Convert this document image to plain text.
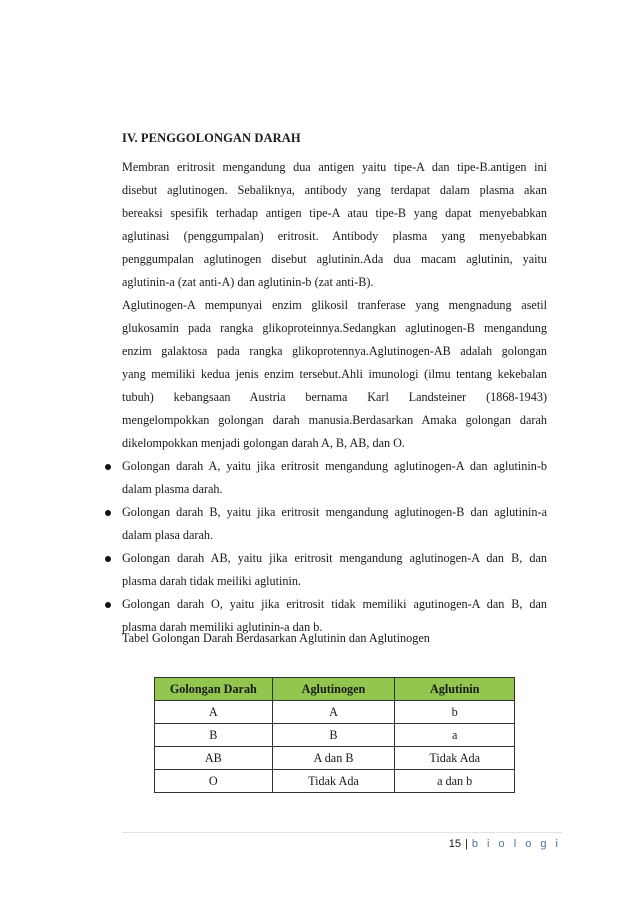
IV. PENGGOLONGAN DARAH
Membran eritrosit mengandung dua antigen yaitu tipe-A dan tipe-B.antigen ini
disebut aglutinogen. Sebaliknya, antibody yang terdapat dalam plasma akan
bereaksi spesifik terhadap antigen tipe-A atau tipe-B yang dapat menyebabkan
aglutinasi (penggumpalan) eritrosit. Antibody plasma yang menyebabkan
penggumpalan aglutinogen disebut aglutinin.Ada dua macam aglutinin, yaitu
aglutinin-a (zat anti-A) dan aglutinin-b (zat anti-B).
Aglutinogen-A mempunyai enzim glikosil tranferase yang mengnadung asetil
glukosamin pada rangka glikoproteinnya.Sedangkan aglutinogen-B mengandung
enzim galaktosa pada rangka glikoprotennya.Aglutinogen-AB adalah golongan
yang memiliki kedua jenis enzim tersebut.Ahli imunologi (ilmu tentang kekebalan
tubuh) kebangsaan Austria bernama Karl Landsteiner (1868-1943)
mengelompokkan golongan darah manusia.Berdasarkan Amaka golongan darah
dikelompokkan menjadi golongan darah A, B, AB, dan O.
Golongan darah A, yaitu jika eritrosit mengandung aglutinogen-A dan aglutinin-b
dalam plasma darah.
Golongan darah B, yaitu jika eritrosit mengandung aglutinogen-B dan aglutinin-a
dalam plasa darah.
Golongan darah AB, yaitu jika eritrosit mengandung aglutinogen-A dan B, dan
plasma darah tidak meiliki aglutinin.
Golongan darah O, yaitu jika eritrosit tidak memiliki agutinogen-A dan B, dan
plasma darah memiliki aglutinin-a dan b.
Tabel Golongan Darah Berdasarkan Aglutinin dan Aglutinogen
Golongan Darah	Aglutinogen	Aglutinin
A	A	b
B	B	a
AB	A dan B	Tidak Ada
O	Tidak Ada	a dan b
15 | b i o l o g i
